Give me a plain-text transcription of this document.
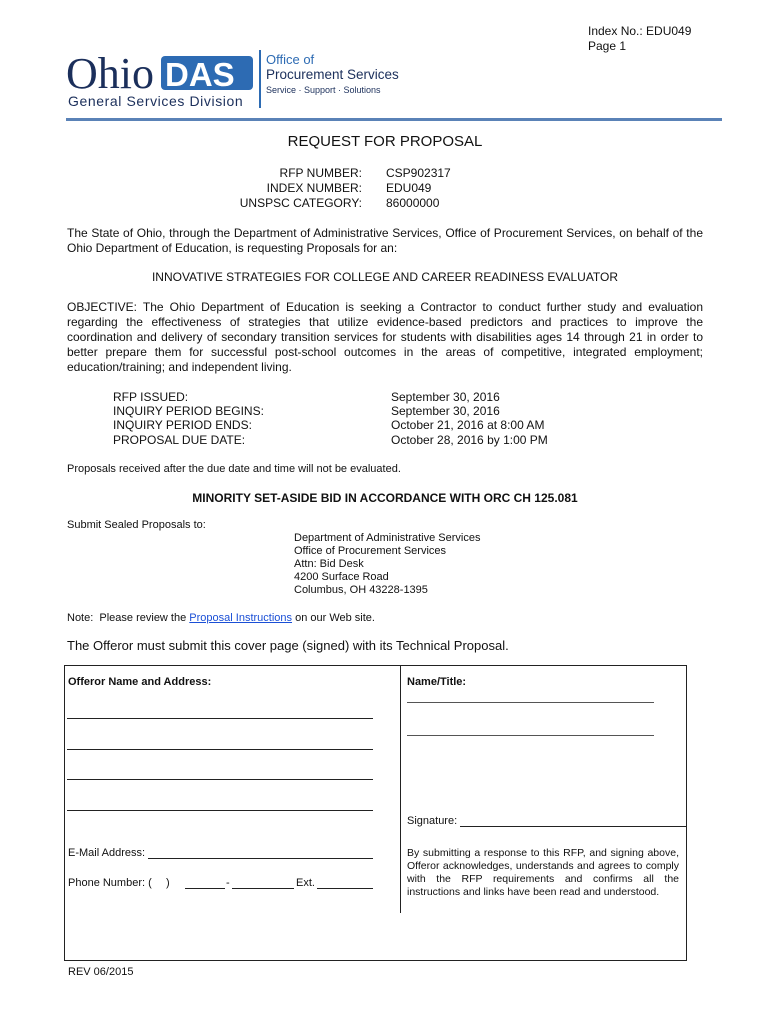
Index No.: EDU049
Page 1
Ohio DAS
General Services Division
Office of
Procurement Services
Service · Support · Solutions
REQUEST FOR PROPOSAL
RFP NUMBER: CSP902317
INDEX NUMBER: EDU049
UNSPSC CATEGORY: 86000000
The State of Ohio, through the Department of Administrative Services, Office of Procurement Services, on behalf of the Ohio Department of Education, is requesting Proposals for an:
INNOVATIVE STRATEGIES FOR COLLEGE AND CAREER READINESS EVALUATOR
OBJECTIVE: The Ohio Department of Education is seeking a Contractor to conduct further study and evaluation regarding the effectiveness of strategies that utilize evidence-based predictors and practices to improve the coordination and delivery of secondary transition services for students with disabilities ages 14 through 21 in order to better prepare them for successful post-school outcomes in the areas of competitive, integrated employment; education/training; and independent living.
RFP ISSUED:	September 30, 2016
INQUIRY PERIOD BEGINS:	September 30, 2016
INQUIRY PERIOD ENDS:	October 21, 2016 at 8:00 AM
PROPOSAL DUE DATE:	October 28, 2016 by 1:00 PM
Proposals received after the due date and time will not be evaluated.
MINORITY SET-ASIDE BID IN ACCORDANCE WITH ORC CH 125.081
Submit Sealed Proposals to:
Department of Administrative Services
Office of Procurement Services
Attn: Bid Desk
4200 Surface Road
Columbus, OH 43228-1395
Note:  Please review the Proposal Instructions on our Web site.
The Offeror must submit this cover page (signed) with its Technical Proposal.
Offeror Name and Address:	Name/Title:
Signature:
E-Mail Address:
Phone Number: ( )	-	Ext.
By submitting a response to this RFP, and signing above, Offeror acknowledges, understands and agrees to comply with the RFP requirements and confirms all the instructions and links have been read and understood.
REV 06/2015
